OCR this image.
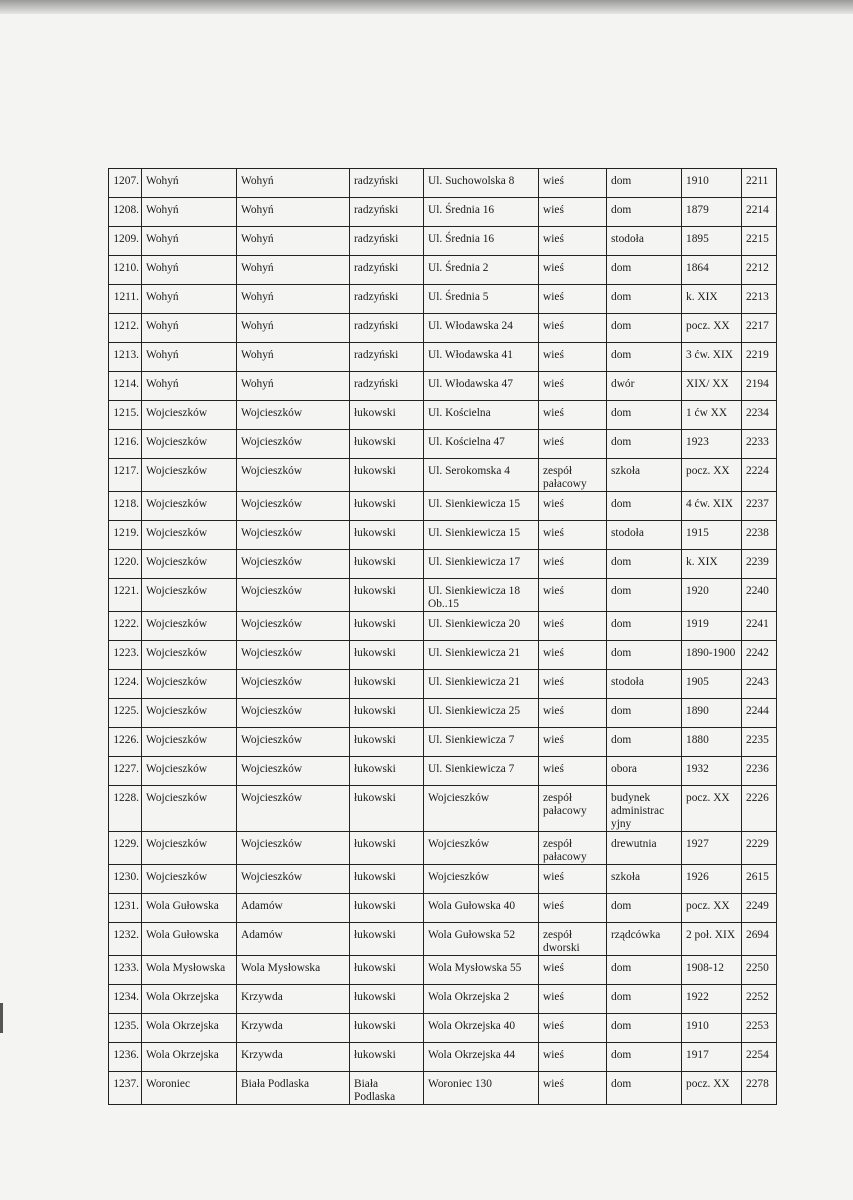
1207.	Wohyń	Wohyń	radzyński	Ul. Suchowolska 8	wieś	dom	1910	2211
1208.	Wohyń	Wohyń	radzyński	Ul. Średnia 16	wieś	dom	1879	2214
1209.	Wohyń	Wohyń	radzyński	Ul. Średnia 16	wieś	stodoła	1895	2215
1210.	Wohyń	Wohyń	radzyński	Ul. Średnia 2	wieś	dom	1864	2212
1211.	Wohyń	Wohyń	radzyński	Ul. Średnia 5	wieś	dom	k. XIX	2213
1212.	Wohyń	Wohyń	radzyński	Ul. Włodawska 24	wieś	dom	pocz. XX	2217
1213.	Wohyń	Wohyń	radzyński	Ul. Włodawska 41	wieś	dom	3 ćw. XIX	2219
1214.	Wohyń	Wohyń	radzyński	Ul. Włodawska 47	wieś	dwór	XIX/ XX	2194
1215.	Wojcieszków	Wojcieszków	łukowski	Ul. Kościelna	wieś	dom	1 ćw XX	2234
1216.	Wojcieszków	Wojcieszków	łukowski	Ul. Kościelna 47	wieś	dom	1923	2233
1217.	Wojcieszków	Wojcieszków	łukowski	Ul. Serokomska 4	zespół pałacowy	szkoła	pocz. XX	2224
1218.	Wojcieszków	Wojcieszków	łukowski	Ul. Sienkiewicza 15	wieś	dom	4 ćw. XIX	2237
1219.	Wojcieszków	Wojcieszków	łukowski	Ul. Sienkiewicza 15	wieś	stodoła	1915	2238
1220.	Wojcieszków	Wojcieszków	łukowski	Ul. Sienkiewicza 17	wieś	dom	k. XIX	2239
1221.	Wojcieszków	Wojcieszków	łukowski	Ul. Sienkiewicza 18 Ob..15	wieś	dom	1920	2240
1222.	Wojcieszków	Wojcieszków	łukowski	Ul. Sienkiewicza 20	wieś	dom	1919	2241
1223.	Wojcieszków	Wojcieszków	łukowski	Ul. Sienkiewicza 21	wieś	dom	1890-1900	2242
1224.	Wojcieszków	Wojcieszków	łukowski	Ul. Sienkiewicza 21	wieś	stodoła	1905	2243
1225.	Wojcieszków	Wojcieszków	łukowski	Ul. Sienkiewicza 25	wieś	dom	1890	2244
1226.	Wojcieszków	Wojcieszków	łukowski	Ul. Sienkiewicza 7	wieś	dom	1880	2235
1227.	Wojcieszków	Wojcieszków	łukowski	Ul. Sienkiewicza 7	wieś	obora	1932	2236
1228.	Wojcieszków	Wojcieszków	łukowski	Wojcieszków	zespół pałacowy	budynek administrac yjny	pocz. XX	2226
1229.	Wojcieszków	Wojcieszków	łukowski	Wojcieszków	zespół pałacowy	drewutnia	1927	2229
1230.	Wojcieszków	Wojcieszków	łukowski	Wojcieszków	wieś	szkoła	1926	2615
1231.	Wola Gułowska	Adamów	łukowski	Wola Gułowska 40	wieś	dom	pocz. XX	2249
1232.	Wola Gułowska	Adamów	łukowski	Wola Gułowska 52	zespół dworski	rządcówka	2 poł. XIX	2694
1233.	Wola Mysłowska	Wola Mysłowska	łukowski	Wola Mysłowska 55	wieś	dom	1908-12	2250
1234.	Wola Okrzejska	Krzywda	łukowski	Wola Okrzejska 2	wieś	dom	1922	2252
1235.	Wola Okrzejska	Krzywda	łukowski	Wola Okrzejska 40	wieś	dom	1910	2253
1236.	Wola Okrzejska	Krzywda	łukowski	Wola Okrzejska 44	wieś	dom	1917	2254
1237.	Woroniec	Biała Podlaska	Biała Podlaska	Woroniec 130	wieś	dom	pocz. XX	2278
